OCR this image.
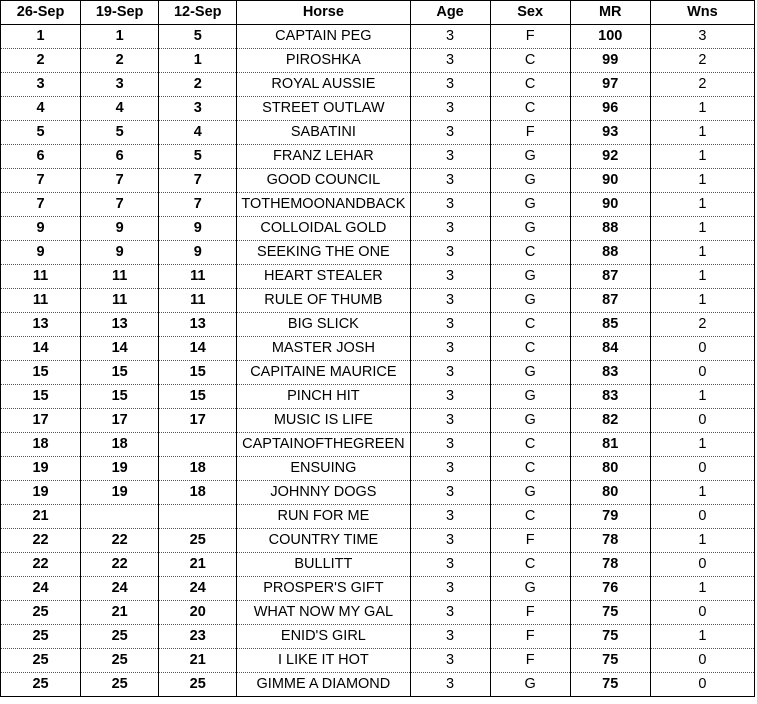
26-Sep	19-Sep	12-Sep	Horse	Age	Sex	MR	Wns
1	1	5	CAPTAIN PEG	3	F	100	3
2	2	1	PIROSHKA	3	C	99	2
3	3	2	ROYAL AUSSIE	3	C	97	2
4	4	3	STREET OUTLAW	3	C	96	1
5	5	4	SABATINI	3	F	93	1
6	6	5	FRANZ LEHAR	3	G	92	1
7	7	7	GOOD COUNCIL	3	G	90	1
7	7	7	TOTHEMOONANDBACK	3	G	90	1
9	9	9	COLLOIDAL GOLD	3	G	88	1
9	9	9	SEEKING THE ONE	3	C	88	1
11	11	11	HEART STEALER	3	G	87	1
11	11	11	RULE OF THUMB	3	G	87	1
13	13	13	BIG SLICK	3	C	85	2
14	14	14	MASTER JOSH	3	C	84	0
15	15	15	CAPITAINE MAURICE	3	G	83	0
15	15	15	PINCH HIT	3	G	83	1
17	17	17	MUSIC IS LIFE	3	G	82	0
18	18		CAPTAINOFTHEGREEN	3	C	81	1
19	19	18	ENSUING	3	C	80	0
19	19	18	JOHNNY DOGS	3	G	80	1
21			RUN FOR ME	3	C	79	0
22	22	25	COUNTRY TIME	3	F	78	1
22	22	21	BULLITT	3	C	78	0
24	24	24	PROSPER'S GIFT	3	G	76	1
25	21	20	WHAT NOW MY GAL	3	F	75	0
25	25	23	ENID'S GIRL	3	F	75	1
25	25	21	I LIKE IT HOT	3	F	75	0
25	25	25	GIMME A DIAMOND	3	G	75	0
